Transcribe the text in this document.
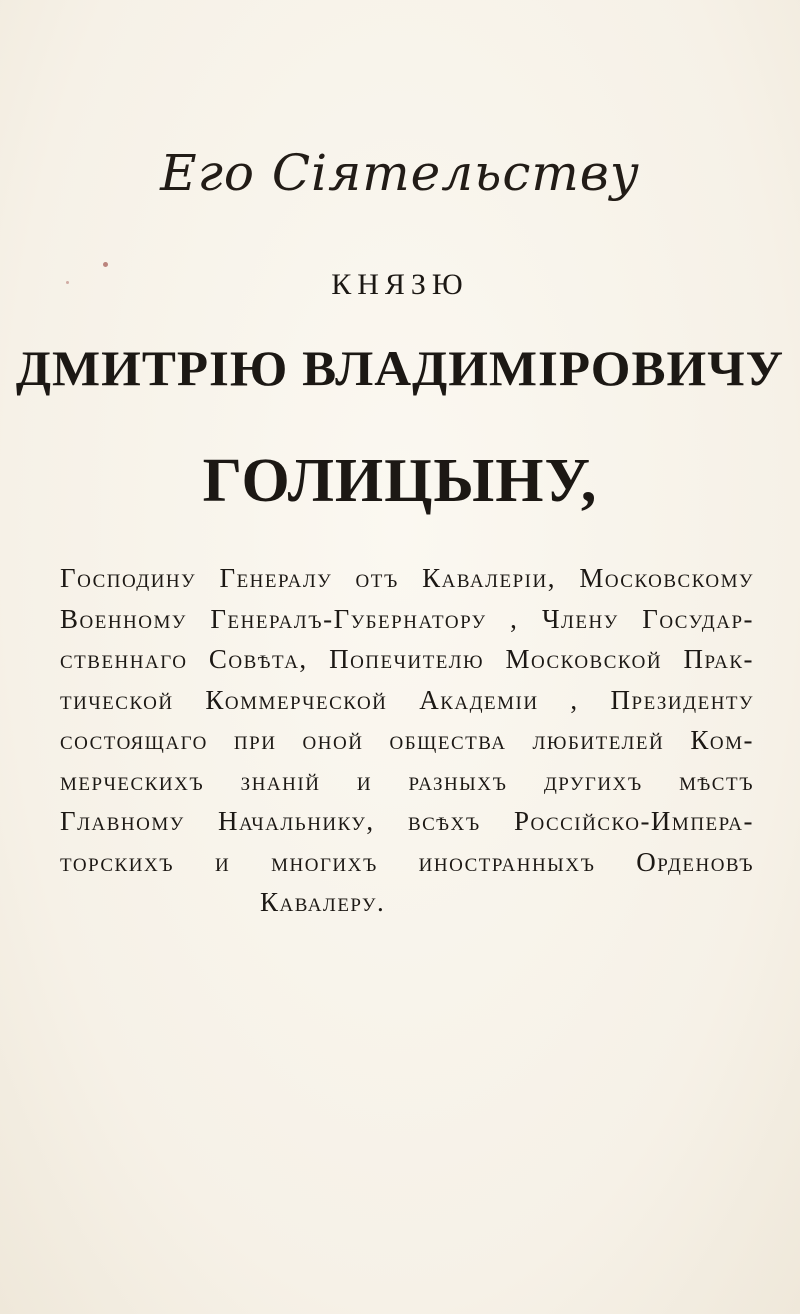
Его Сіятельству
КНЯЗЮ
ДМИТРІЮ ВЛАДИМІРОВИЧУ
ГОЛИЦЫНУ,
Господину Генералу отъ Кавалеріи, Московскому
Военному Генералъ-Губернатору , Члену Государ-
ственнаго Совѣта, Попечителю Московской Прак-
тической Коммерческой Академіи , Президенту
состоящаго при оной общества любителей Ком-
мерческихъ знаній и разныхъ другихъ мѣстъ
Главному Начальнику, всѣхъ Россійско-Импера-
торскихъ и многихъ иностранныхъ Орденовъ
Кавалеру.
